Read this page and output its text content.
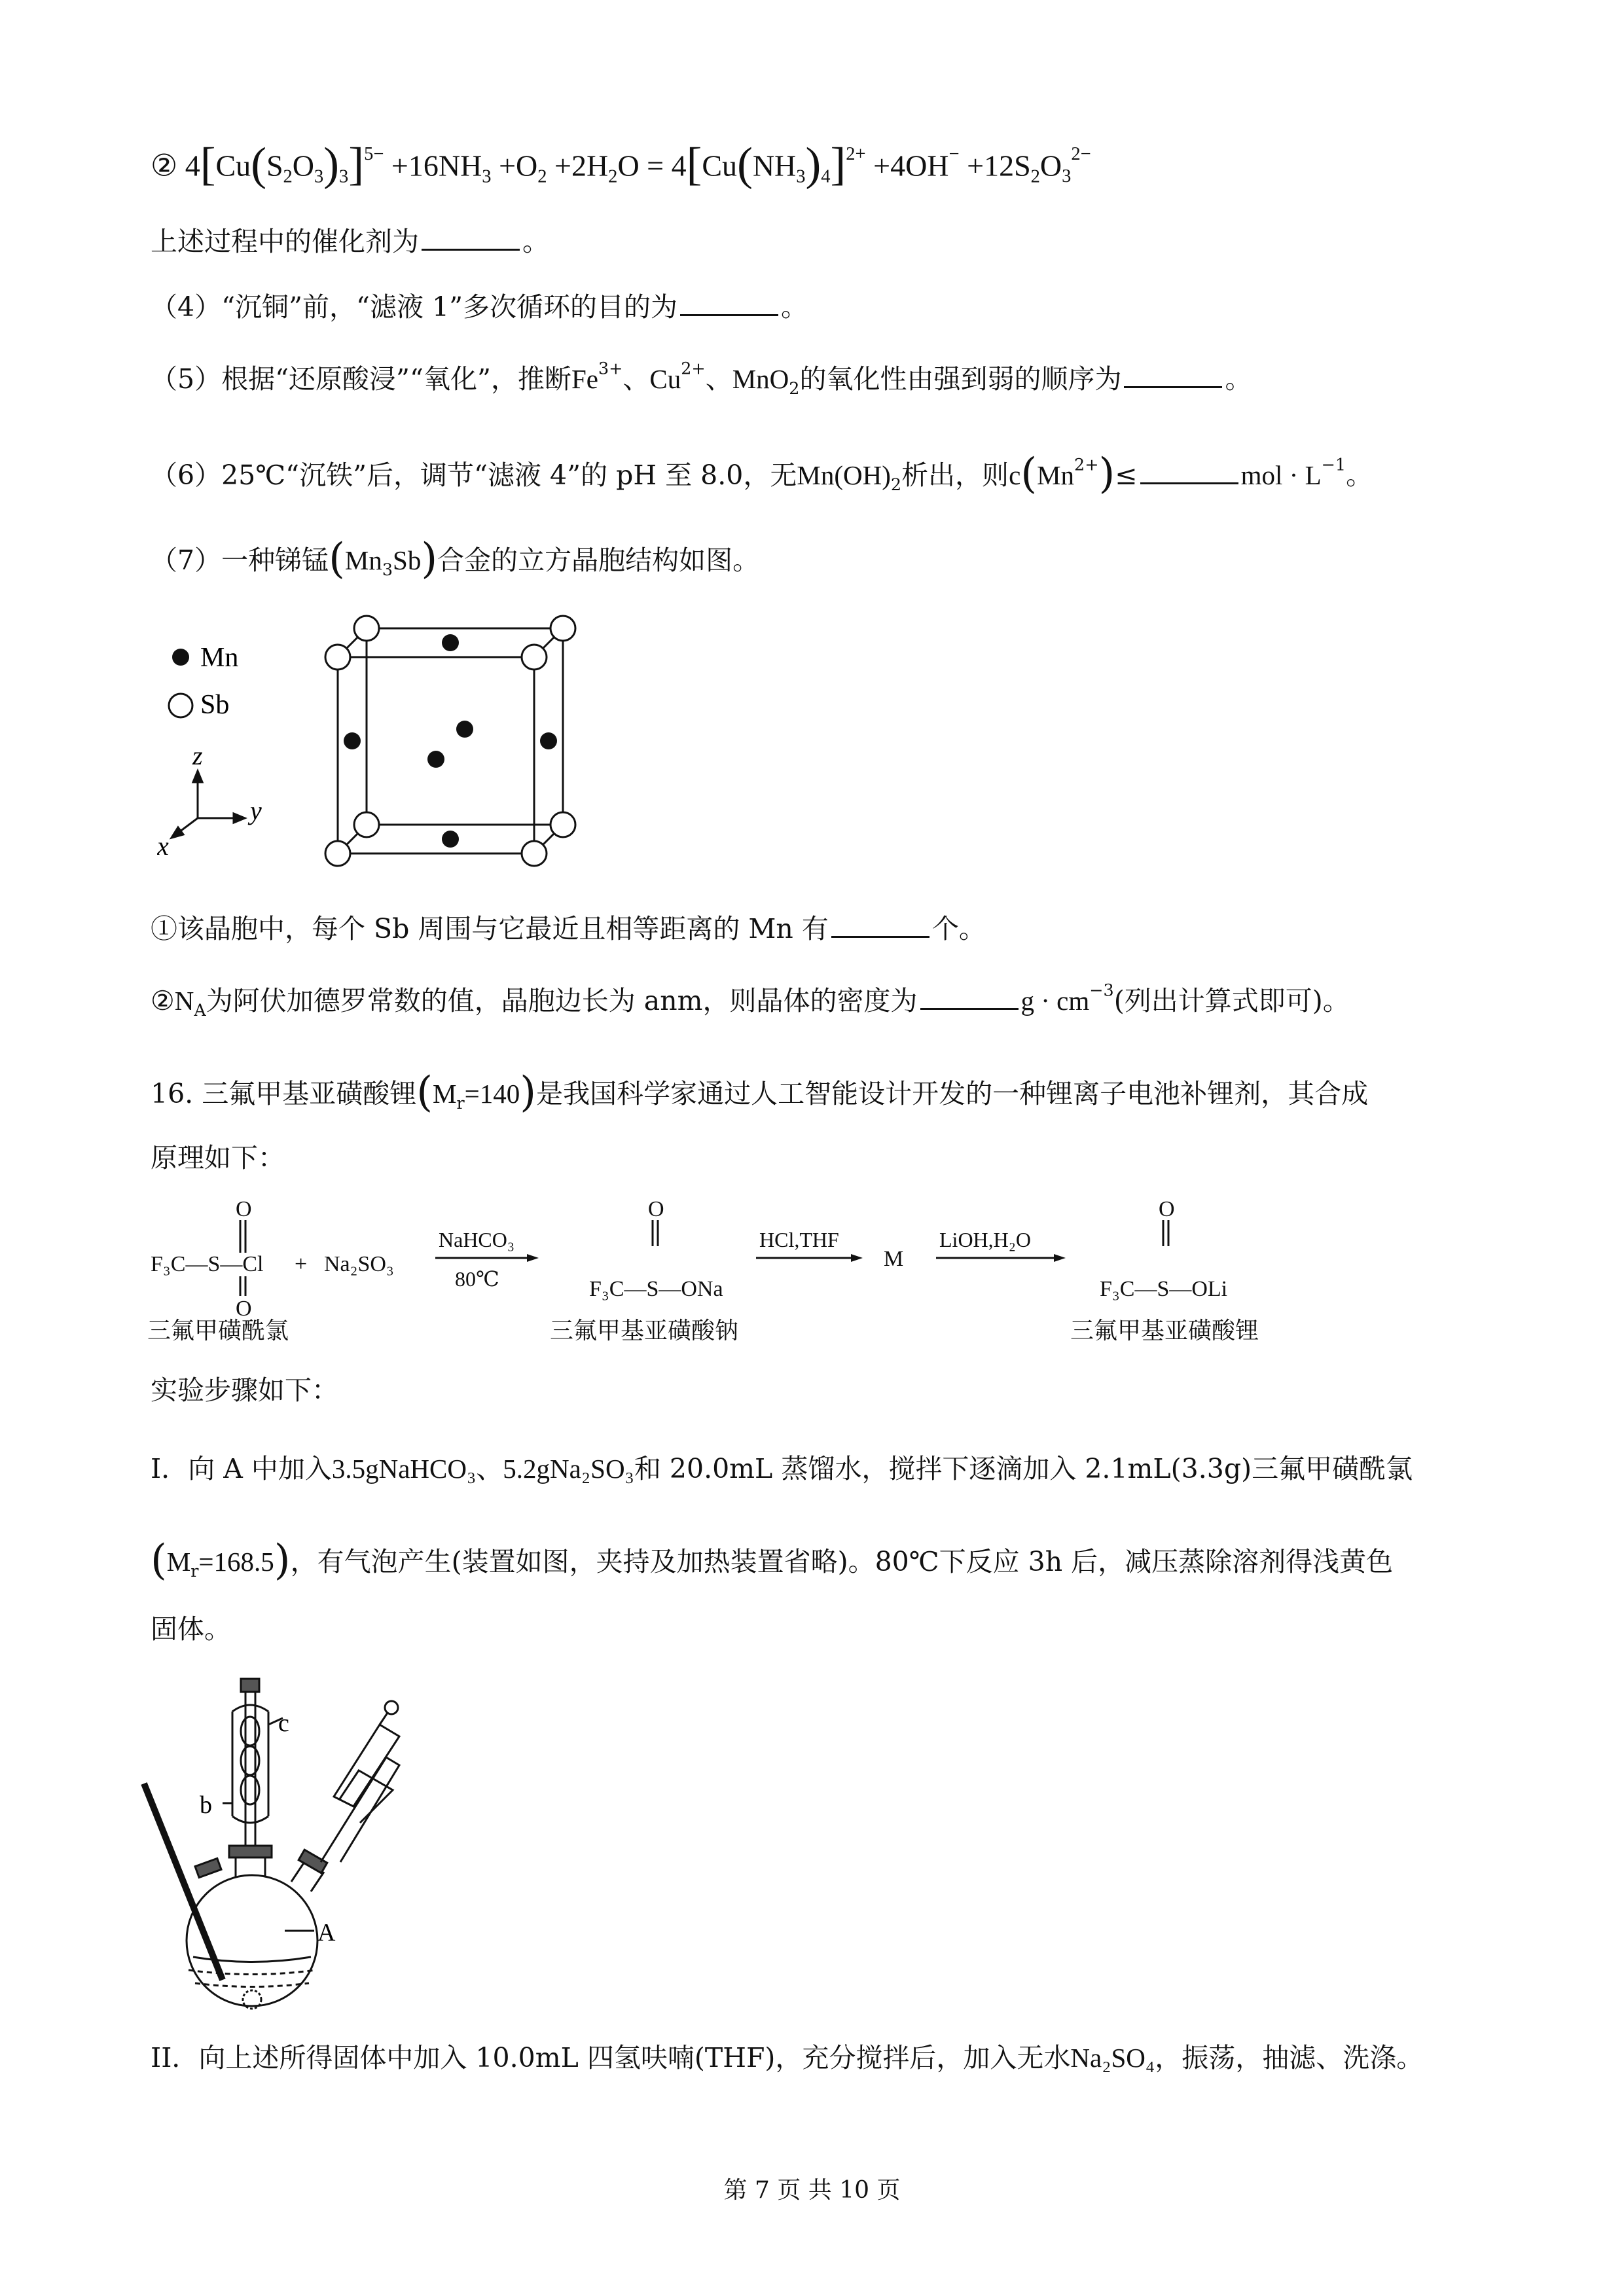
② $4[Cu(S_2O_3)_3]^{5-} +16NH_3 +O_2 +2H_2O = 4[Cu(NH_3)_4]^{2+} +4OH^- +12S_2O_3^{2-}$
上述过程中的催化剂为	。
（4）“沉铜”前，“滤液 1”多次循环的目的为	。
（5）根据“还原酸浸”“氧化”，推断$Fe^{3+}$、$Cu^{2+}$、MnO$_2$的氧化性由强到弱的顺序为	。
（6）25℃“沉铁”后，调节“滤液 4”的 pH 至 8.0，无$Mn(OH)_2$析出，则$c(Mn^{2+})\le$	mol · $L^{-1}$。
（7）一种锑锰$(Mn_3Sb)$合金的立方晶胞结构如图。
Mn
Sb
z
y
x
①该晶胞中，每个 Sb 周围与它最近且相等距离的 Mn 有	个。
$②N_A$为阿伏加德罗常数的值，晶胞边长为 anm，则晶体的密度为	$g \cdot cm^{-3}$(列出计算式即可)。
16. 三氟甲基亚磺酸锂$(M_r=140)$是我国科学家通过人工智能设计开发的一种锂离子电池补锂剂，其合成
原理如下：
O
O
F₃C—S—Cl + Na₂SO₃
NaHCO₃
80℃
O
F₃C—S—ONa
HCl,THF
M
LiOH,H₂O
O
F₃C—S—OLi
三氟甲磺酰氯	三氟甲基亚磺酸钠	三氟甲基亚磺酸锂
实验步骤如下：
I．向 A 中加入3.5gNaHCO₃、5.2gNa₂SO₃和 20.0mL 蒸馏水，搅拌下逐滴加入 2.1mL(3.3g)三氟甲磺酰氯
$(M_r=168.5)$，有气泡产生(装置如图，夹持及加热装置省略)。80℃下反应 3h 后，减压蒸除溶剂得浅黄色
固体。
c
b
A
II．向上述所得固体中加入 10.0mL 四氢呋喃(THF)，充分搅拌后，加入无水Na₂SO₄，振荡，抽滤、洗涤。
第 7 页 共 10 页
